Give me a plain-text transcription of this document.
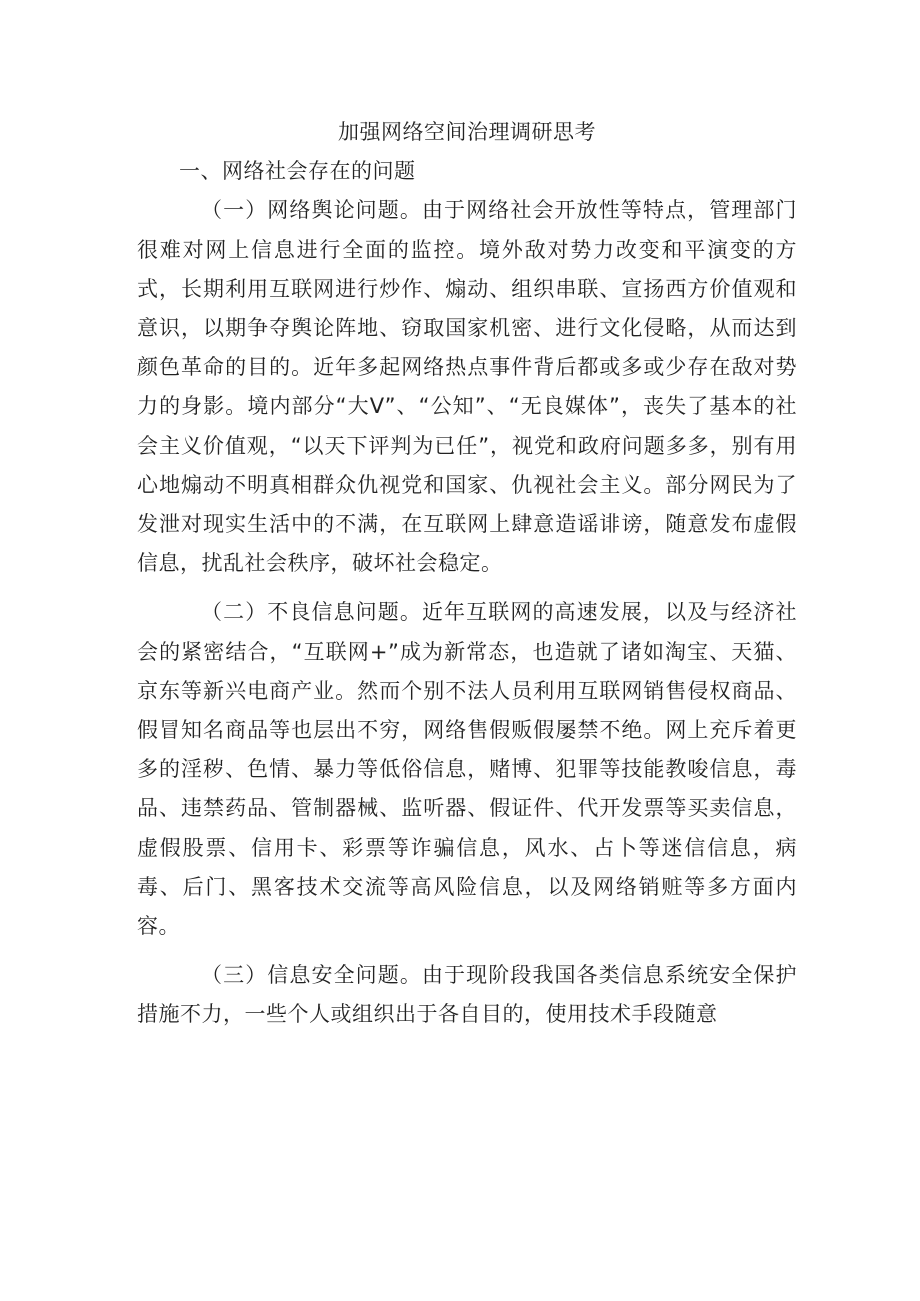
加强网络空间治理调研思考
一、网络社会存在的问题

（一）网络舆论问题。由于网络社会开放性等特点，管理部门很难对网上信息进行全面的监控。境外敌对势力改变和平演变的方式，长期利用互联网进行炒作、煽动、组织串联、宣扬西方价值观和意识，以期争夺舆论阵地、窃取国家机密、进行文化侵略，从而达到颜色革命的目的。近年多起网络热点事件背后都或多或少存在敌对势力的身影。境内部分“大V”、“公知”、“无良媒体”，丧失了基本的社会主义价值观，“以天下评判为已任”，视党和政府问题多多，别有用心地煽动不明真相群众仇视党和国家、仇视社会主义。部分网民为了发泄对现实生活中的不满，在互联网上肆意造谣诽谤，随意发布虚假信息，扰乱社会秩序，破坏社会稳定。

（二）不良信息问题。近年互联网的高速发展，以及与经济社会的紧密结合，“互联网+”成为新常态，也造就了诸如淘宝、天猫、京东等新兴电商产业。然而个别不法人员利用互联网销售侵权商品、假冒知名商品等也层出不穷，网络售假贩假屡禁不绝。网上充斥着更多的淫秽、色情、暴力等低俗信息，赌博、犯罪等技能教唆信息，毒品、违禁药品、管制器械、监听器、假证件、代开发票等买卖信息，虚假股票、信用卡、彩票等诈骗信息，风水、占卜等迷信信息，病毒、后门、黑客技术交流等高风险信息，以及网络销赃等多方面内容。

（三）信息安全问题。由于现阶段我国各类信息系统安全保护措施不力，一些个人或组织出于各自目的，使用技术手段随意
